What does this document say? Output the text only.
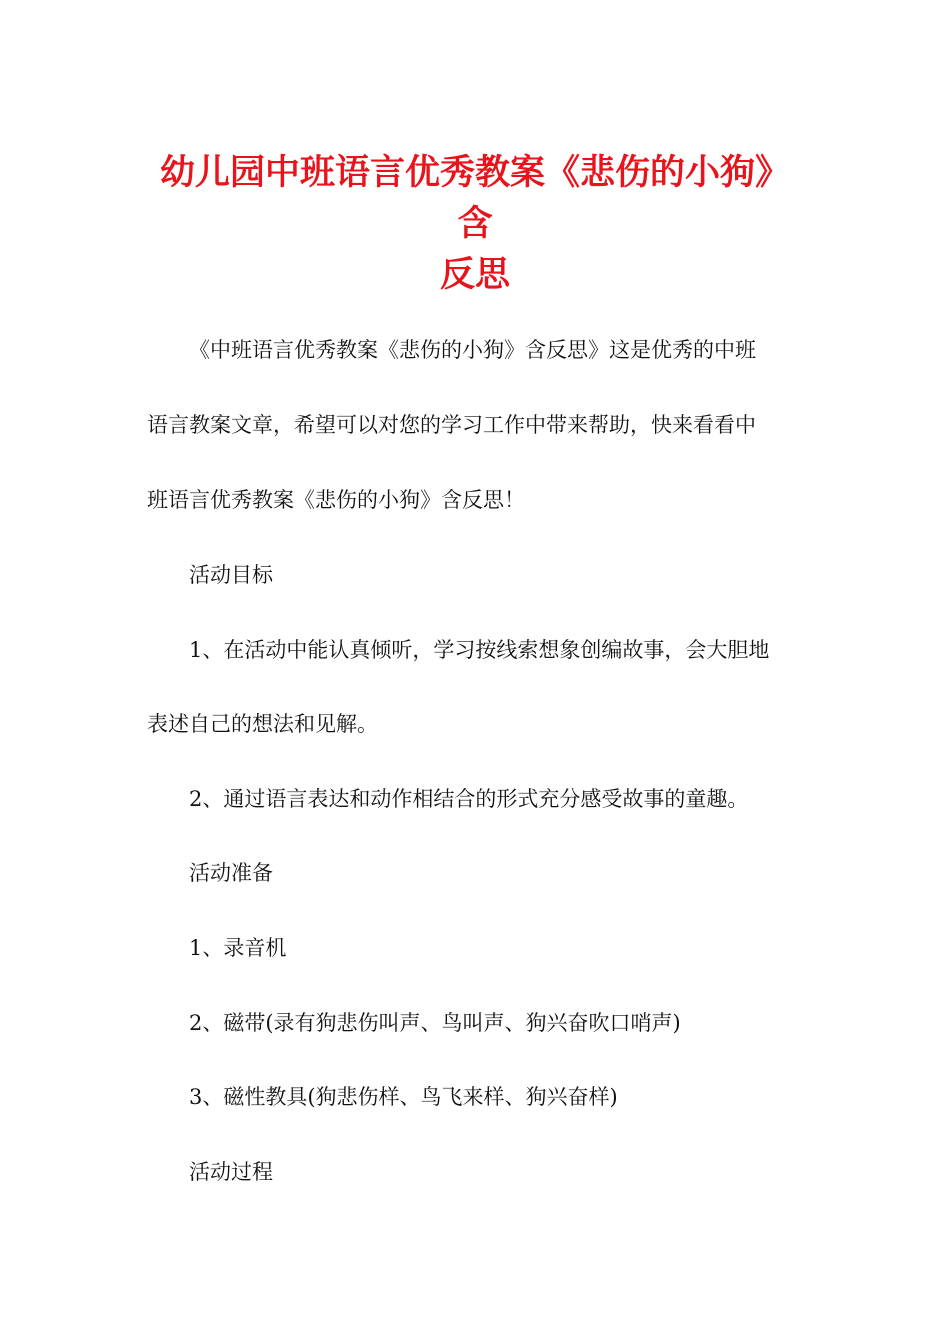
幼儿园中班语言优秀教案《悲伤的小狗》含
反思

《中班语言优秀教案《悲伤的小狗》含反思》这是优秀的中班

语言教案文章，希望可以对您的学习工作中带来帮助，快来看看中

班语言优秀教案《悲伤的小狗》含反思！

活动目标

1、在活动中能认真倾听，学习按线索想象创编故事，会大胆地

表述自己的想法和见解。

2、通过语言表达和动作相结合的形式充分感受故事的童趣。

活动准备

1、录音机

2、磁带(录有狗悲伤叫声、鸟叫声、狗兴奋吹口哨声)

3、磁性教具(狗悲伤样、鸟飞来样、狗兴奋样)

活动过程
